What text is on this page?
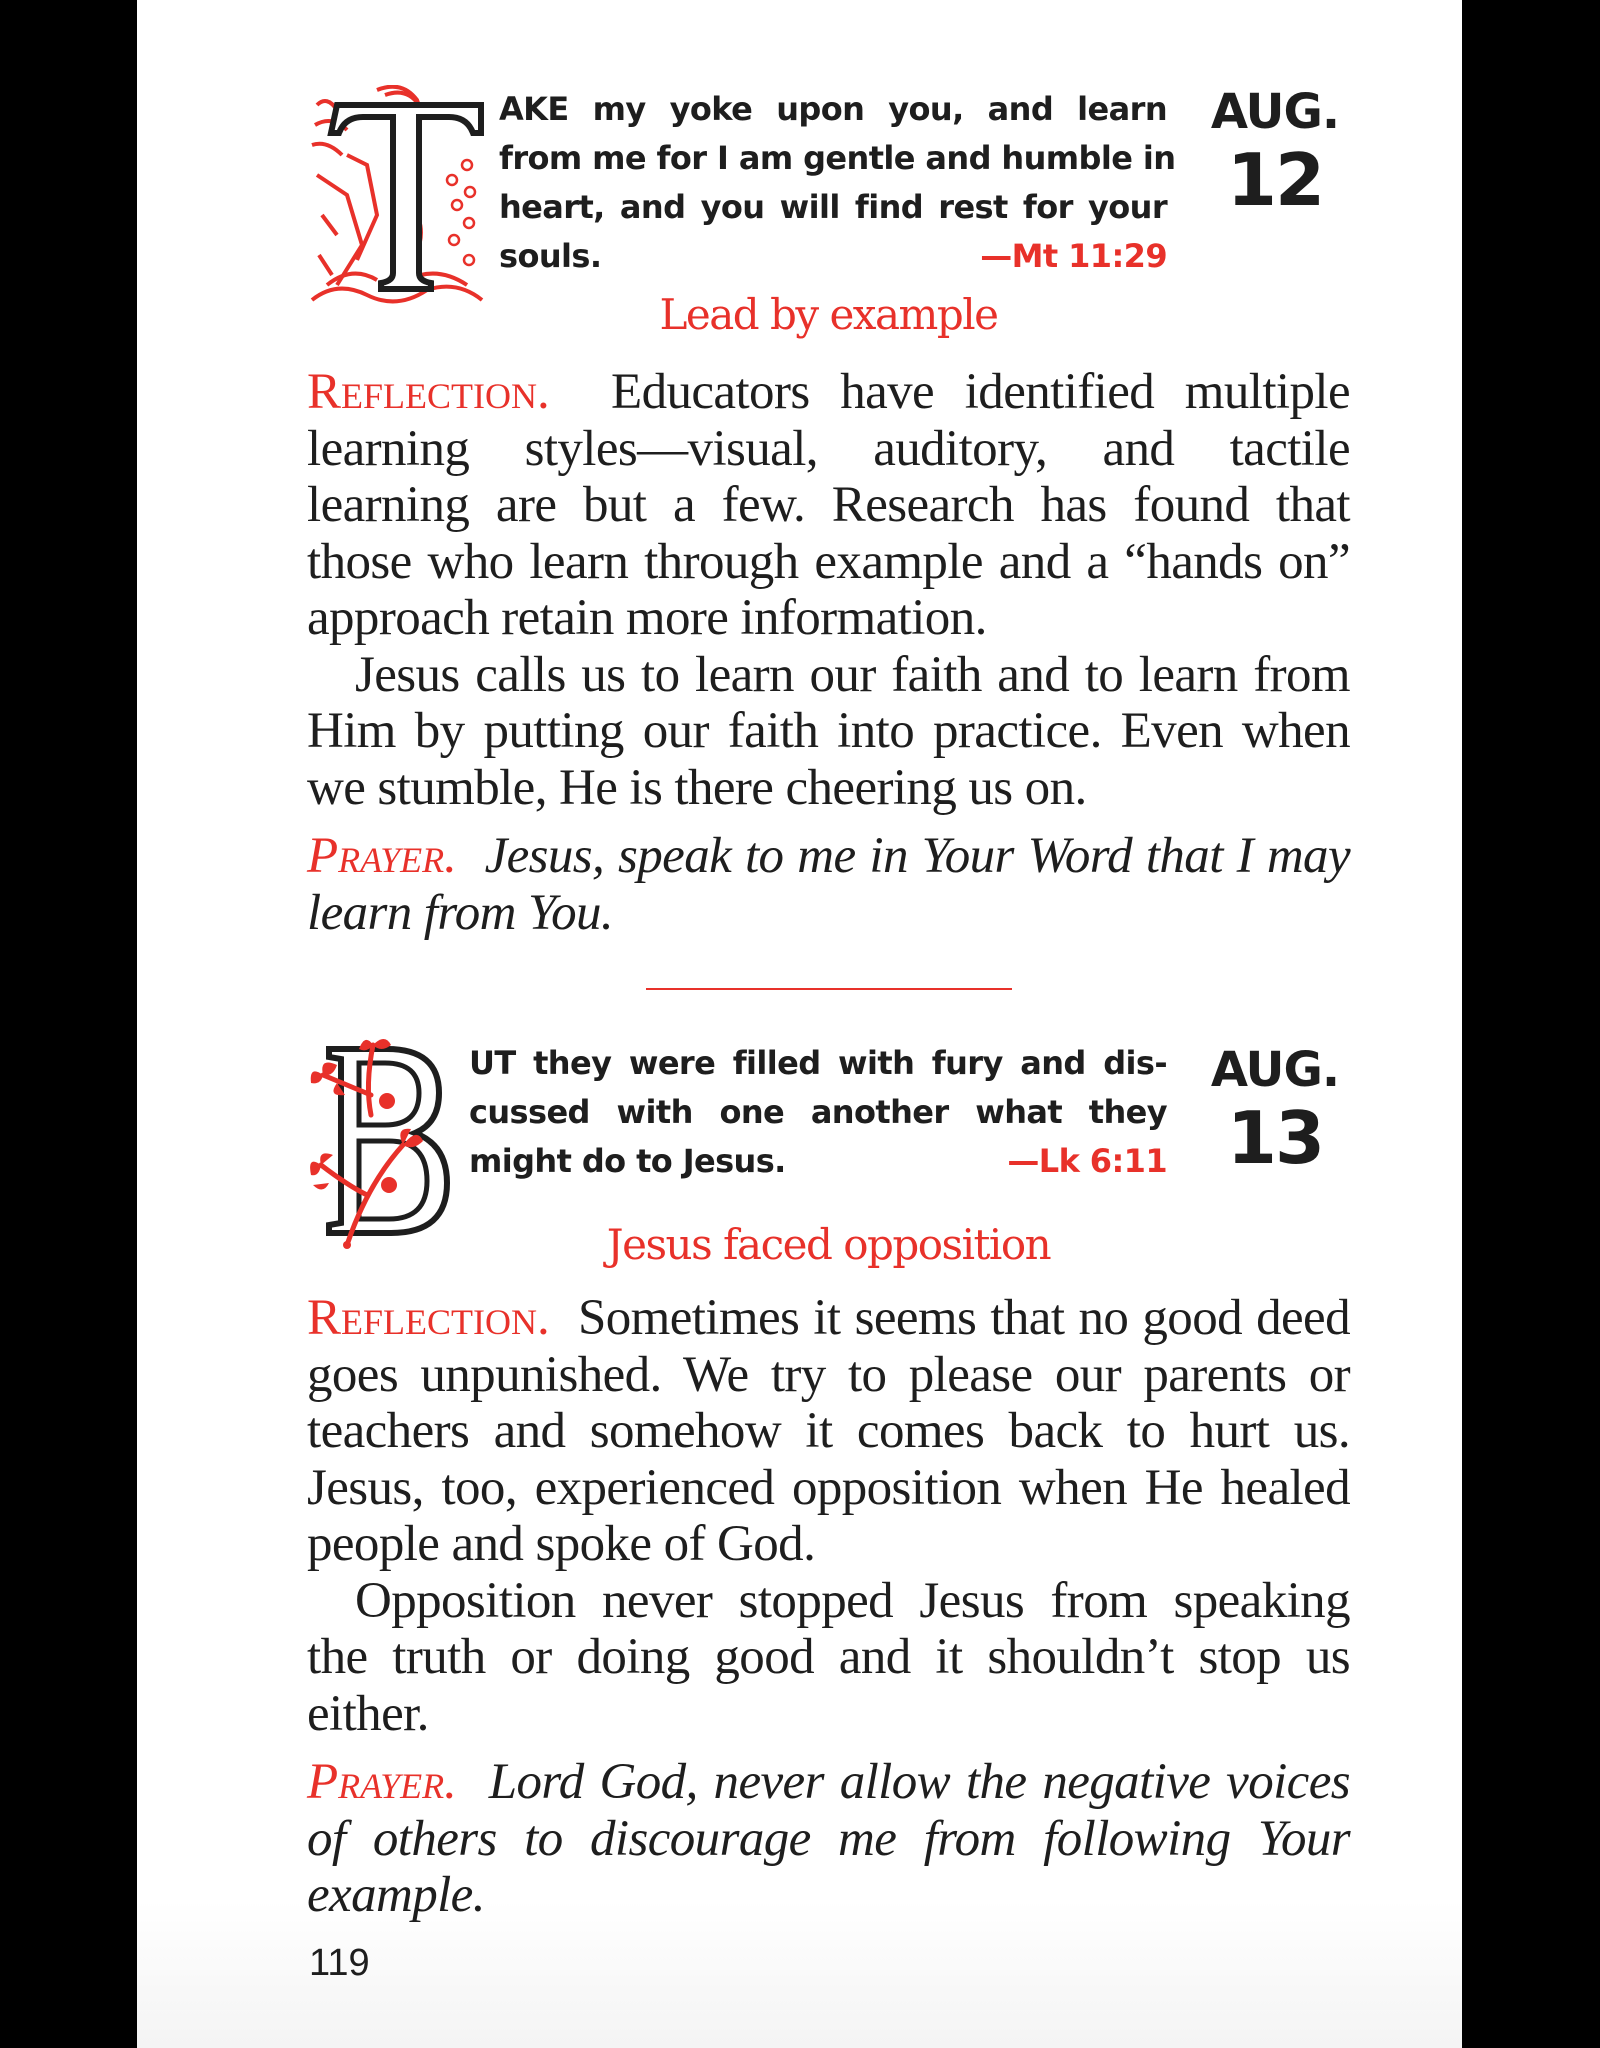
AKE my yoke upon you, and learn
from me for I am gentle and humble in
heart, and you will find rest for your
souls.	—Mt 11:29
AUG.
12
Lead by example

Reflection. Educators have identified multiple learning styles—visual, auditory, and tactile learning are but a few. Research has found that those who learn through example and a “hands on” approach retain more information.

Jesus calls us to learn our faith and to learn from Him by putting our faith into practice. Even when we stumble, He is there cheering us on.

Prayer. Jesus, speak to me in Your Word that I may learn from You.

UT they were filled with fury and dis-
cussed with one another what they
might do to Jesus.	—Lk 6:11
AUG.
13
Jesus faced opposition

Reflection. Sometimes it seems that no good deed goes unpunished. We try to please our parents or teachers and somehow it comes back to hurt us. Jesus, too, experienced opposition when He healed people and spoke of God.

Opposition never stopped Jesus from speaking the truth or doing good and it shouldn’t stop us either.

Prayer. Lord God, never allow the negative voices of others to discourage me from following Your example.

119
